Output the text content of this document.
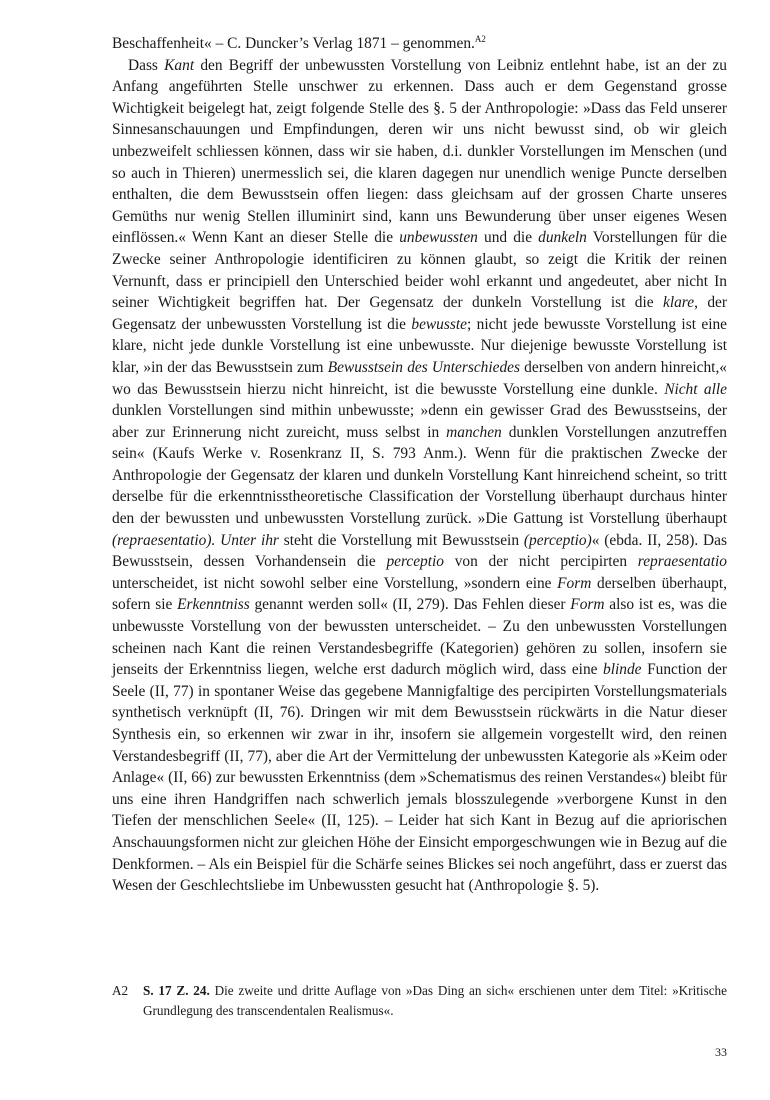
Beschaffenheit« – C. Duncker’s Verlag 1871 – genommen.$^{A2}$

Dass Kant den Begriff der unbewussten Vorstellung von Leibniz entlehnt habe, ist an der zu Anfang angeführten Stelle unschwer zu erkennen. Dass auch er dem Gegenstand grosse Wichtigkeit beigelegt hat, zeigt folgende Stelle des §. 5 der Anthropologie: »Dass das Feld unserer Sinnesanschauungen und Empfindungen, deren wir uns nicht bewusst sind, ob wir gleich unbezweifelt schliessen können, dass wir sie haben, d.i. dunkler Vorstellungen im Menschen (und so auch in Thieren) unermesslich sei, die klaren dagegen nur unendlich wenige Puncte derselben enthalten, die dem Bewusstsein offen liegen: dass gleichsam auf der grossen Charte unseres Gemüths nur wenig Stellen illuminirt sind, kann uns Bewunderung über unser eigenes Wesen einflössen.« Wenn Kant an dieser Stelle die unbewussten und die dunkeln Vorstellungen für die Zwecke seiner Anthropologie identificiren zu können glaubt, so zeigt die Kritik der reinen Vernunft, dass er principiell den Unterschied beider wohl erkannt und angedeutet, aber nicht In seiner Wichtigkeit begriffen hat. Der Gegensatz der dunkeln Vorstellung ist die klare, der Gegensatz der unbewussten Vorstellung ist die bewusste; nicht jede bewusste Vorstellung ist eine klare, nicht jede dunkle Vorstellung ist eine unbewusste. Nur diejenige bewusste Vorstellung ist klar, »in der das Bewusstsein zum Bewusstsein des Unterschiedes derselben von andern hinreicht,« wo das Bewusstsein hierzu nicht hinreicht, ist die bewusste Vorstellung eine dunkle. Nicht alle dunklen Vorstellungen sind mithin unbewusste; »denn ein gewisser Grad des Bewusstseins, der aber zur Erinnerung nicht zureicht, muss selbst in manchen dunklen Vorstellungen anzutreffen sein« (Kaufs Werke v. Rosenkranz II, S. 793 Anm.). Wenn für die praktischen Zwecke der Anthropologie der Gegensatz der klaren und dunkeln Vorstellung Kant hinreichend scheint, so tritt derselbe für die erkenntnisstheoretische Classification der Vorstellung überhaupt durchaus hinter den der bewussten und unbewussten Vorstellung zurück. »Die Gattung ist Vorstellung überhaupt (repraesentatio). Unter ihr steht die Vorstellung mit Bewusstsein (perceptio)« (ebda. II, 258). Das Bewusstsein, dessen Vorhandensein die perceptio von der nicht percipirten repraesentatio unterscheidet, ist nicht sowohl selber eine Vorstellung, »sondern eine Form derselben überhaupt, sofern sie Erkenntniss genannt werden soll« (II, 279). Das Fehlen dieser Form also ist es, was die unbewusste Vorstellung von der bewussten unterscheidet. – Zu den unbewussten Vorstellungen scheinen nach Kant die reinen Verstandesbegriffe (Kategorien) gehören zu sollen, insofern sie jenseits der Erkenntniss liegen, welche erst dadurch möglich wird, dass eine blinde Function der Seele (II, 77) in spontaner Weise das gegebene Mannigfaltige des percipirten Vorstellungsmaterials synthetisch verknüpft (II, 76). Dringen wir mit dem Bewusstsein rückwärts in die Natur dieser Synthesis ein, so erkennen wir zwar in ihr, insofern sie allgemein vorgestellt wird, den reinen Verstandesbegriff (II, 77), aber die Art der Vermittelung der unbewussten Kategorie als »Keim oder Anlage« (II, 66) zur bewussten Erkenntniss (dem »Schematismus des reinen Verstandes«) bleibt für uns eine ihren Handgriffen nach schwerlich jemals blosszulegende »verborgene Kunst in den Tiefen der menschlichen Seele« (II, 125). – Leider hat sich Kant in Bezug auf die apriorischen Anschauungsformen nicht zur gleichen Höhe der Einsicht emporgeschwungen wie in Bezug auf die Denkformen. – Als ein Beispiel für die Schärfe seines Blickes sei noch angeführt, dass er zuerst das Wesen der Geschlechtsliebe im Unbewussten gesucht hat (Anthropologie §. 5).

A2 S. 17 Z. 24. Die zweite und dritte Auflage von »Das Ding an sich« erschienen unter dem Titel: »Kritische Grundlegung des transcendentalen Realismus«.
33
